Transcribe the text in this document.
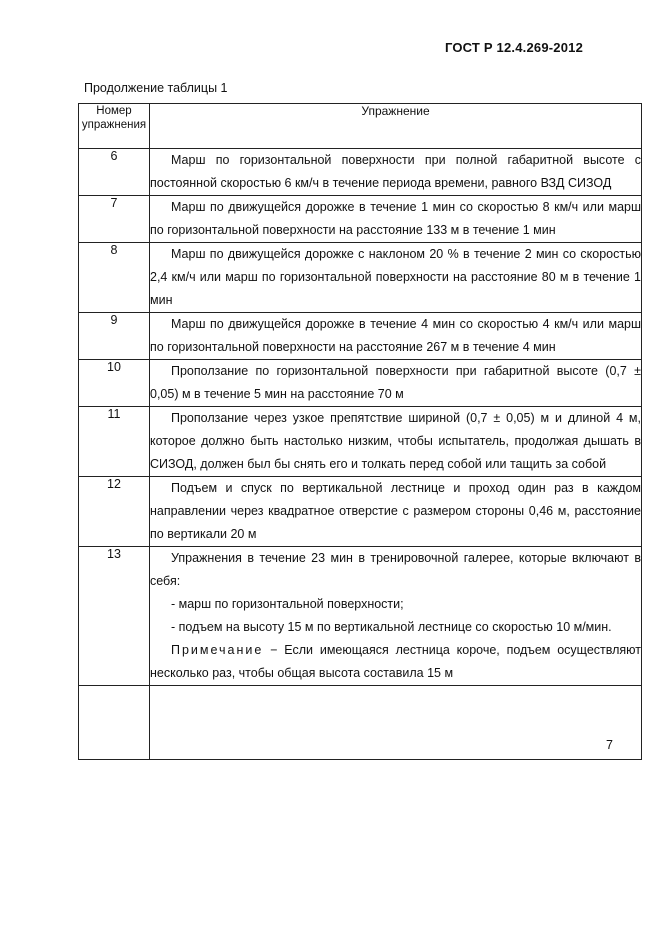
ГОСТ Р 12.4.269-2012
Продолжение таблицы 1
Номер упражнения	Упражнение
6	Марш по горизонтальной поверхности при полной габаритной высоте с постоянной скоростью 6 км/ч в течение периода времени, равного ВЗД СИЗОД

7	Марш по движущейся дорожке в течение 1 мин со скоростью 8 км/ч или марш по горизонтальной поверхности на расстояние 133 м в течение 1 мин

8	Марш по движущейся дорожке с наклоном 20 % в течение 2 мин со скоростью 2,4 км/ч или марш по горизонтальной поверхности на расстояние 80 м в течение 1 мин

9	Марш по движущейся дорожке в течение 4 мин со скоростью 4 км/ч или марш по горизонтальной поверхности на расстояние 267 м в течение 4 мин

10	Проползание по горизонтальной поверхности при габаритной высоте (0,7 ± 0,05) м в течение 5 мин на расстояние 70 м

11	Проползание через узкое препятствие шириной (0,7 ± 0,05) м и длиной 4 м, которое должно быть настолько низким, чтобы испытатель, продолжая дышать в СИЗОД, должен был бы снять его и толкать перед собой или тащить за собой

12	Подъем и спуск по вертикальной лестнице и проход один раз в каждом направлении через квадратное отверстие с размером стороны 0,46 м, расстояние по вертикали 20 м

13	Упражнения в течение 23 мин в тренировочной галерее, которые включают в себя:

- марш по горизонтальной поверхности;

- подъем на высоту 15 м по вертикальной лестнице со скоростью 10 м/мин.

Примечание − Если имеющаяся лестница короче, подъем осуществляют несколько раз, чтобы общая высота составила 15 м

	7
